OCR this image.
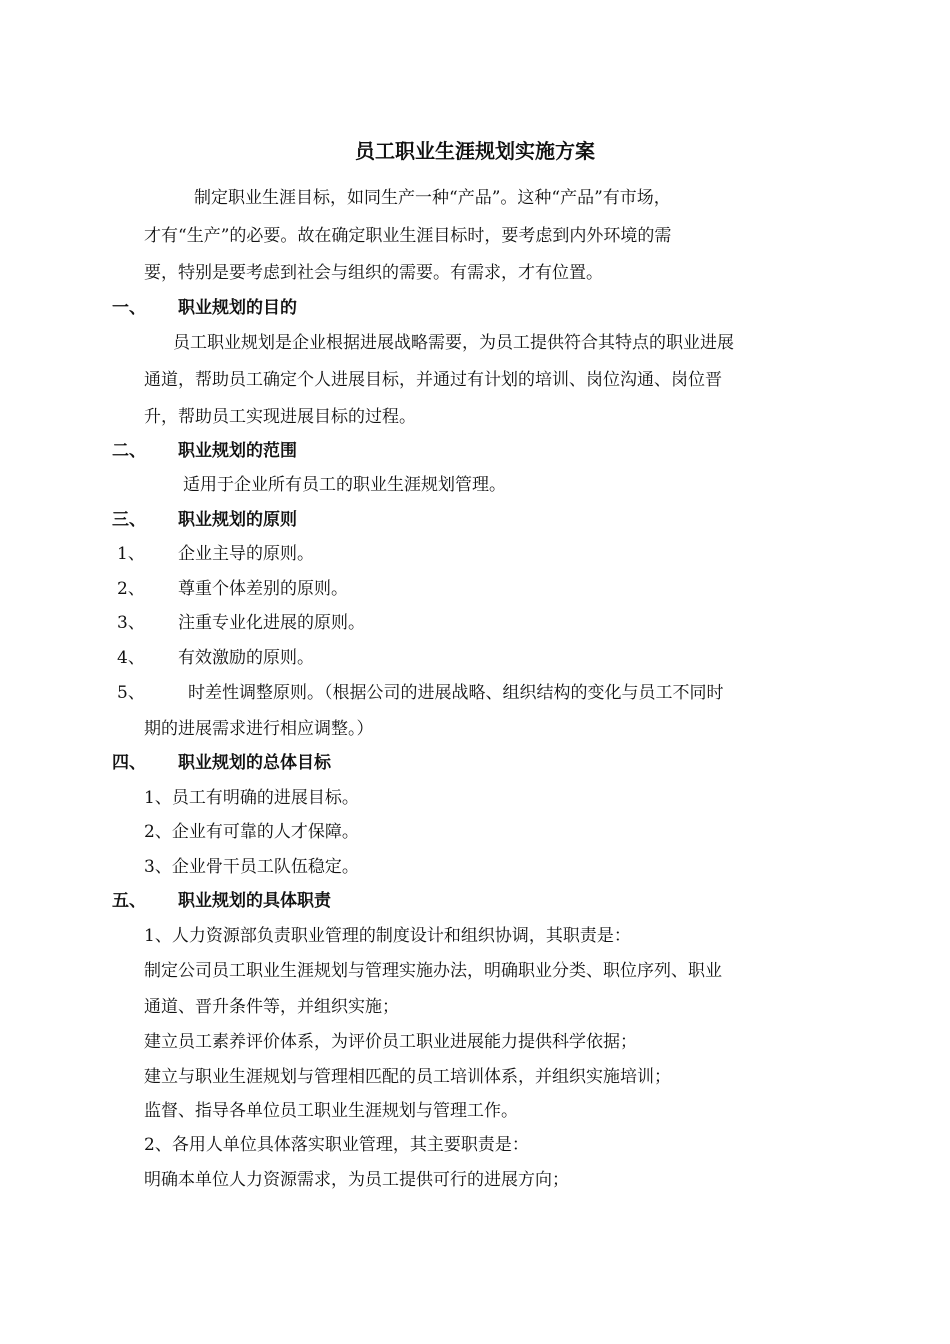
员工职业生涯规划实施方案
制定职业生涯目标，如同生产一种“产品”。这种“产品”有市场，
才有“生产”的必要。故在确定职业生涯目标时，要考虑到内外环境的需
要，特别是要考虑到社会与组织的需要。有需求，才有位置。
一、 职业规划的目的
员工职业规划是企业根据进展战略需要，为员工提供符合其特点的职业进展
通道，帮助员工确定个人进展目标，并通过有计划的培训、岗位沟通、岗位晋
升，帮助员工实现进展目标的过程。
二、 职业规划的范围
适用于企业所有员工的职业生涯规划管理。
三、 职业规划的原则
1、 企业主导的原则。
2、 尊重个体差别的原则。
3、 注重专业化进展的原则。
4、 有效激励的原则。
5、	时差性调整原则。（根据公司的进展战略、组织结构的变化与员工不同时
期的进展需求进行相应调整。）
四、 职业规划的总体目标
1、员工有明确的进展目标。
2、企业有可靠的人才保障。
3、企业骨干员工队伍稳定。
五、 职业规划的具体职责
1、人力资源部负责职业管理的制度设计和组织协调，其职责是：
制定公司员工职业生涯规划与管理实施办法，明确职业分类、职位序列、职业
通道、晋升条件等，并组织实施；
建立员工素养评价体系，为评价员工职业进展能力提供科学依据；
建立与职业生涯规划与管理相匹配的员工培训体系，并组织实施培训；
监督、指导各单位员工职业生涯规划与管理工作。
2、各用人单位具体落实职业管理，其主要职责是：
明确本单位人力资源需求，为员工提供可行的进展方向；
